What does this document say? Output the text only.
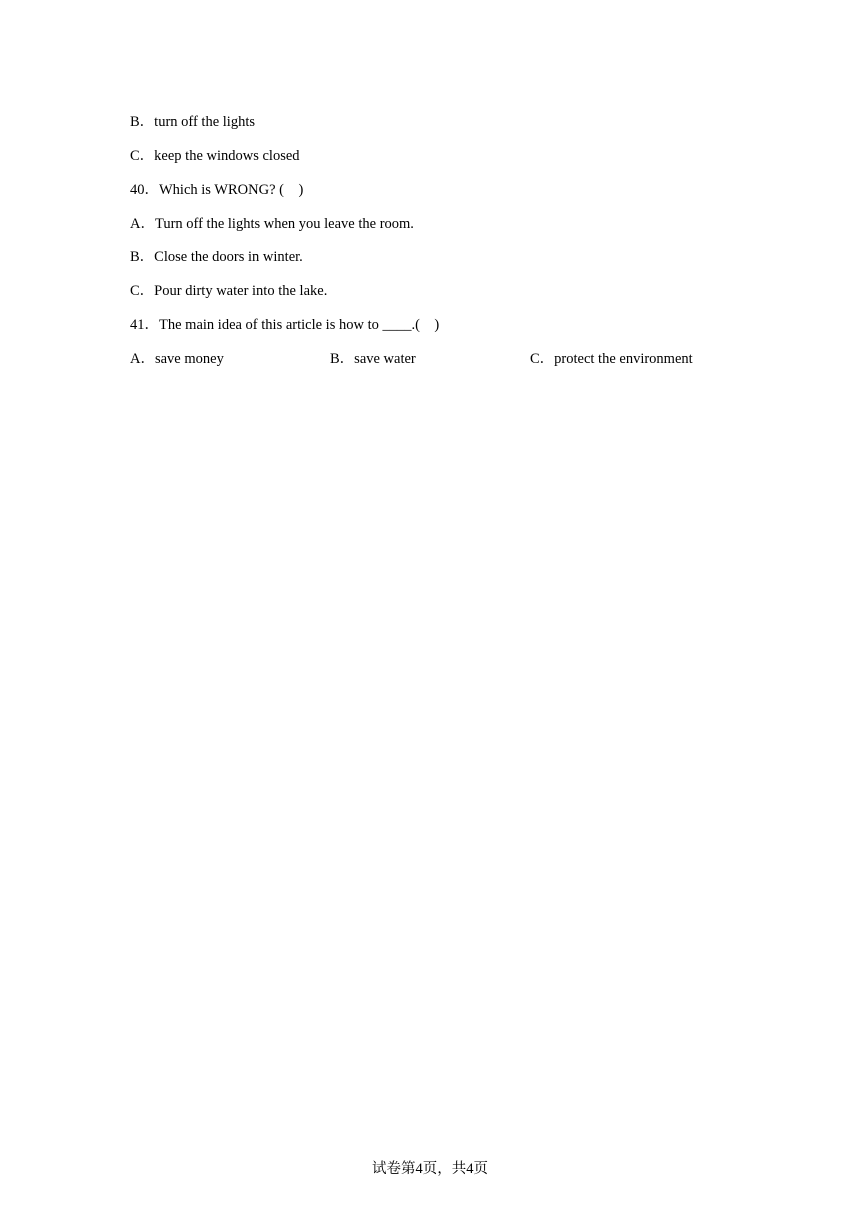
B．turn off the lights
C．keep the windows closed
40．Which is WRONG? (　)
A．Turn off the lights when you leave the room.
B．Close the doors in winter.
C．Pour dirty water into the lake.
41．The main idea of this article is how to ____.(　)
A．save money	B．save water	C．protect the environment
试卷第4页，共4页
